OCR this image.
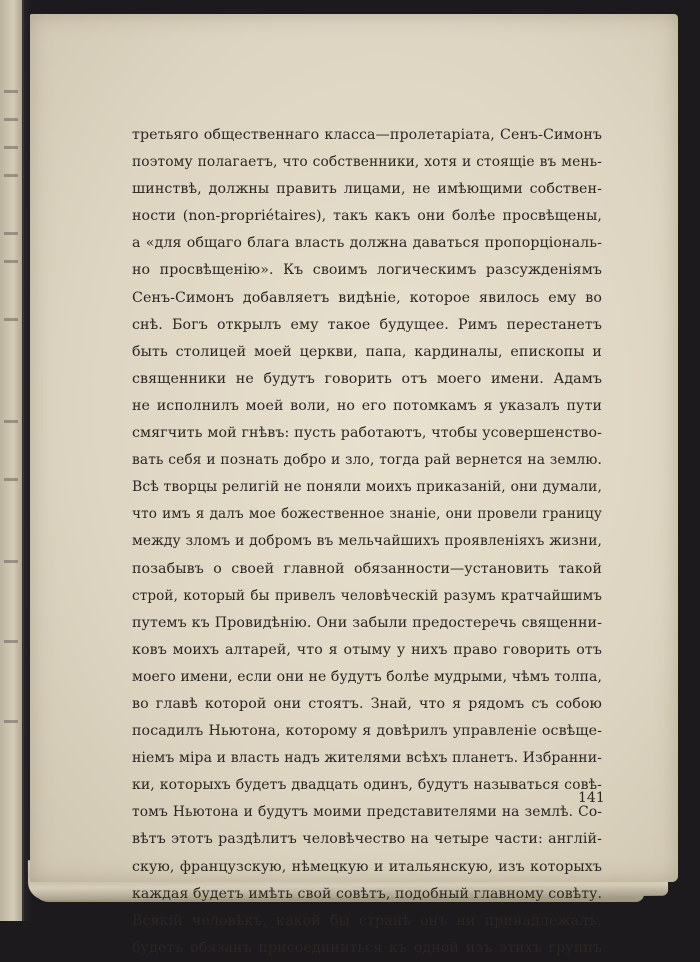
третьяго общественнаго класса—пролетаріата, Сенъ-Симонъ
поэтому полагаетъ, что собственники, хотя и стоящіе въ мень-
шинствѣ, должны править лицами, не имѣющими собствен-
ности (non-propriétaires), такъ какъ они болѣе просвѣщены,
а «для общаго блага власть должна даваться пропорціональ-
но просвѣщенію». Къ своимъ логическимъ разсужденіямъ
Сенъ-Симонъ добавляетъ видѣніе, которое явилось ему во
снѣ. Богъ открылъ ему такое будущее. Римъ перестанетъ
быть столицей моей церкви, папа, кардиналы, епископы и
священники не будутъ говорить отъ моего имени. Адамъ
не исполнилъ моей воли, но его потомкамъ я указалъ пути
смягчить мой гнѣвъ: пусть работаютъ, чтобы усовершенство-
вать себя и познать добро и зло, тогда рай вернется на землю.
Всѣ творцы религій не поняли моихъ приказаній, они думали,
что имъ я далъ мое божественное знаніе, они провели границу
между зломъ и добромъ въ мельчайшихъ проявленіяхъ жизни,
позабывъ о своей главной обязанности—установить такой
строй, который бы привелъ человѣческій разумъ кратчайшимъ
путемъ къ Провидѣнію. Они забыли предостеречь священни-
ковъ моихъ алтарей, что я отыму у нихъ право говорить отъ
моего имени, если они не будутъ болѣе мудрыми, чѣмъ толпа,
во главѣ которой они стоятъ. Знай, что я рядомъ съ собою
посадилъ Ньютона, которому я довѣрилъ управленіе освѣще-
ніемъ міра и власть надъ жителями всѣхъ планетъ. Избранни-
ки, которыхъ будетъ двадцать одинъ, будутъ называться совѣ-
томъ Ньютона и будутъ моими представителями на землѣ. Со-
вѣтъ этотъ раздѣлитъ человѣчество на четыре части: англій-
скую, французскую, нѣмецкую и итальянскую, изъ которыхъ
каждая будетъ имѣть свой совѣтъ, подобный главному совѣту.
Всякій человѣкъ, какой бы странѣ онъ ни принадлежалъ,
будетъ обязанъ присоединиться къ одной изъ этихъ группъ
141
